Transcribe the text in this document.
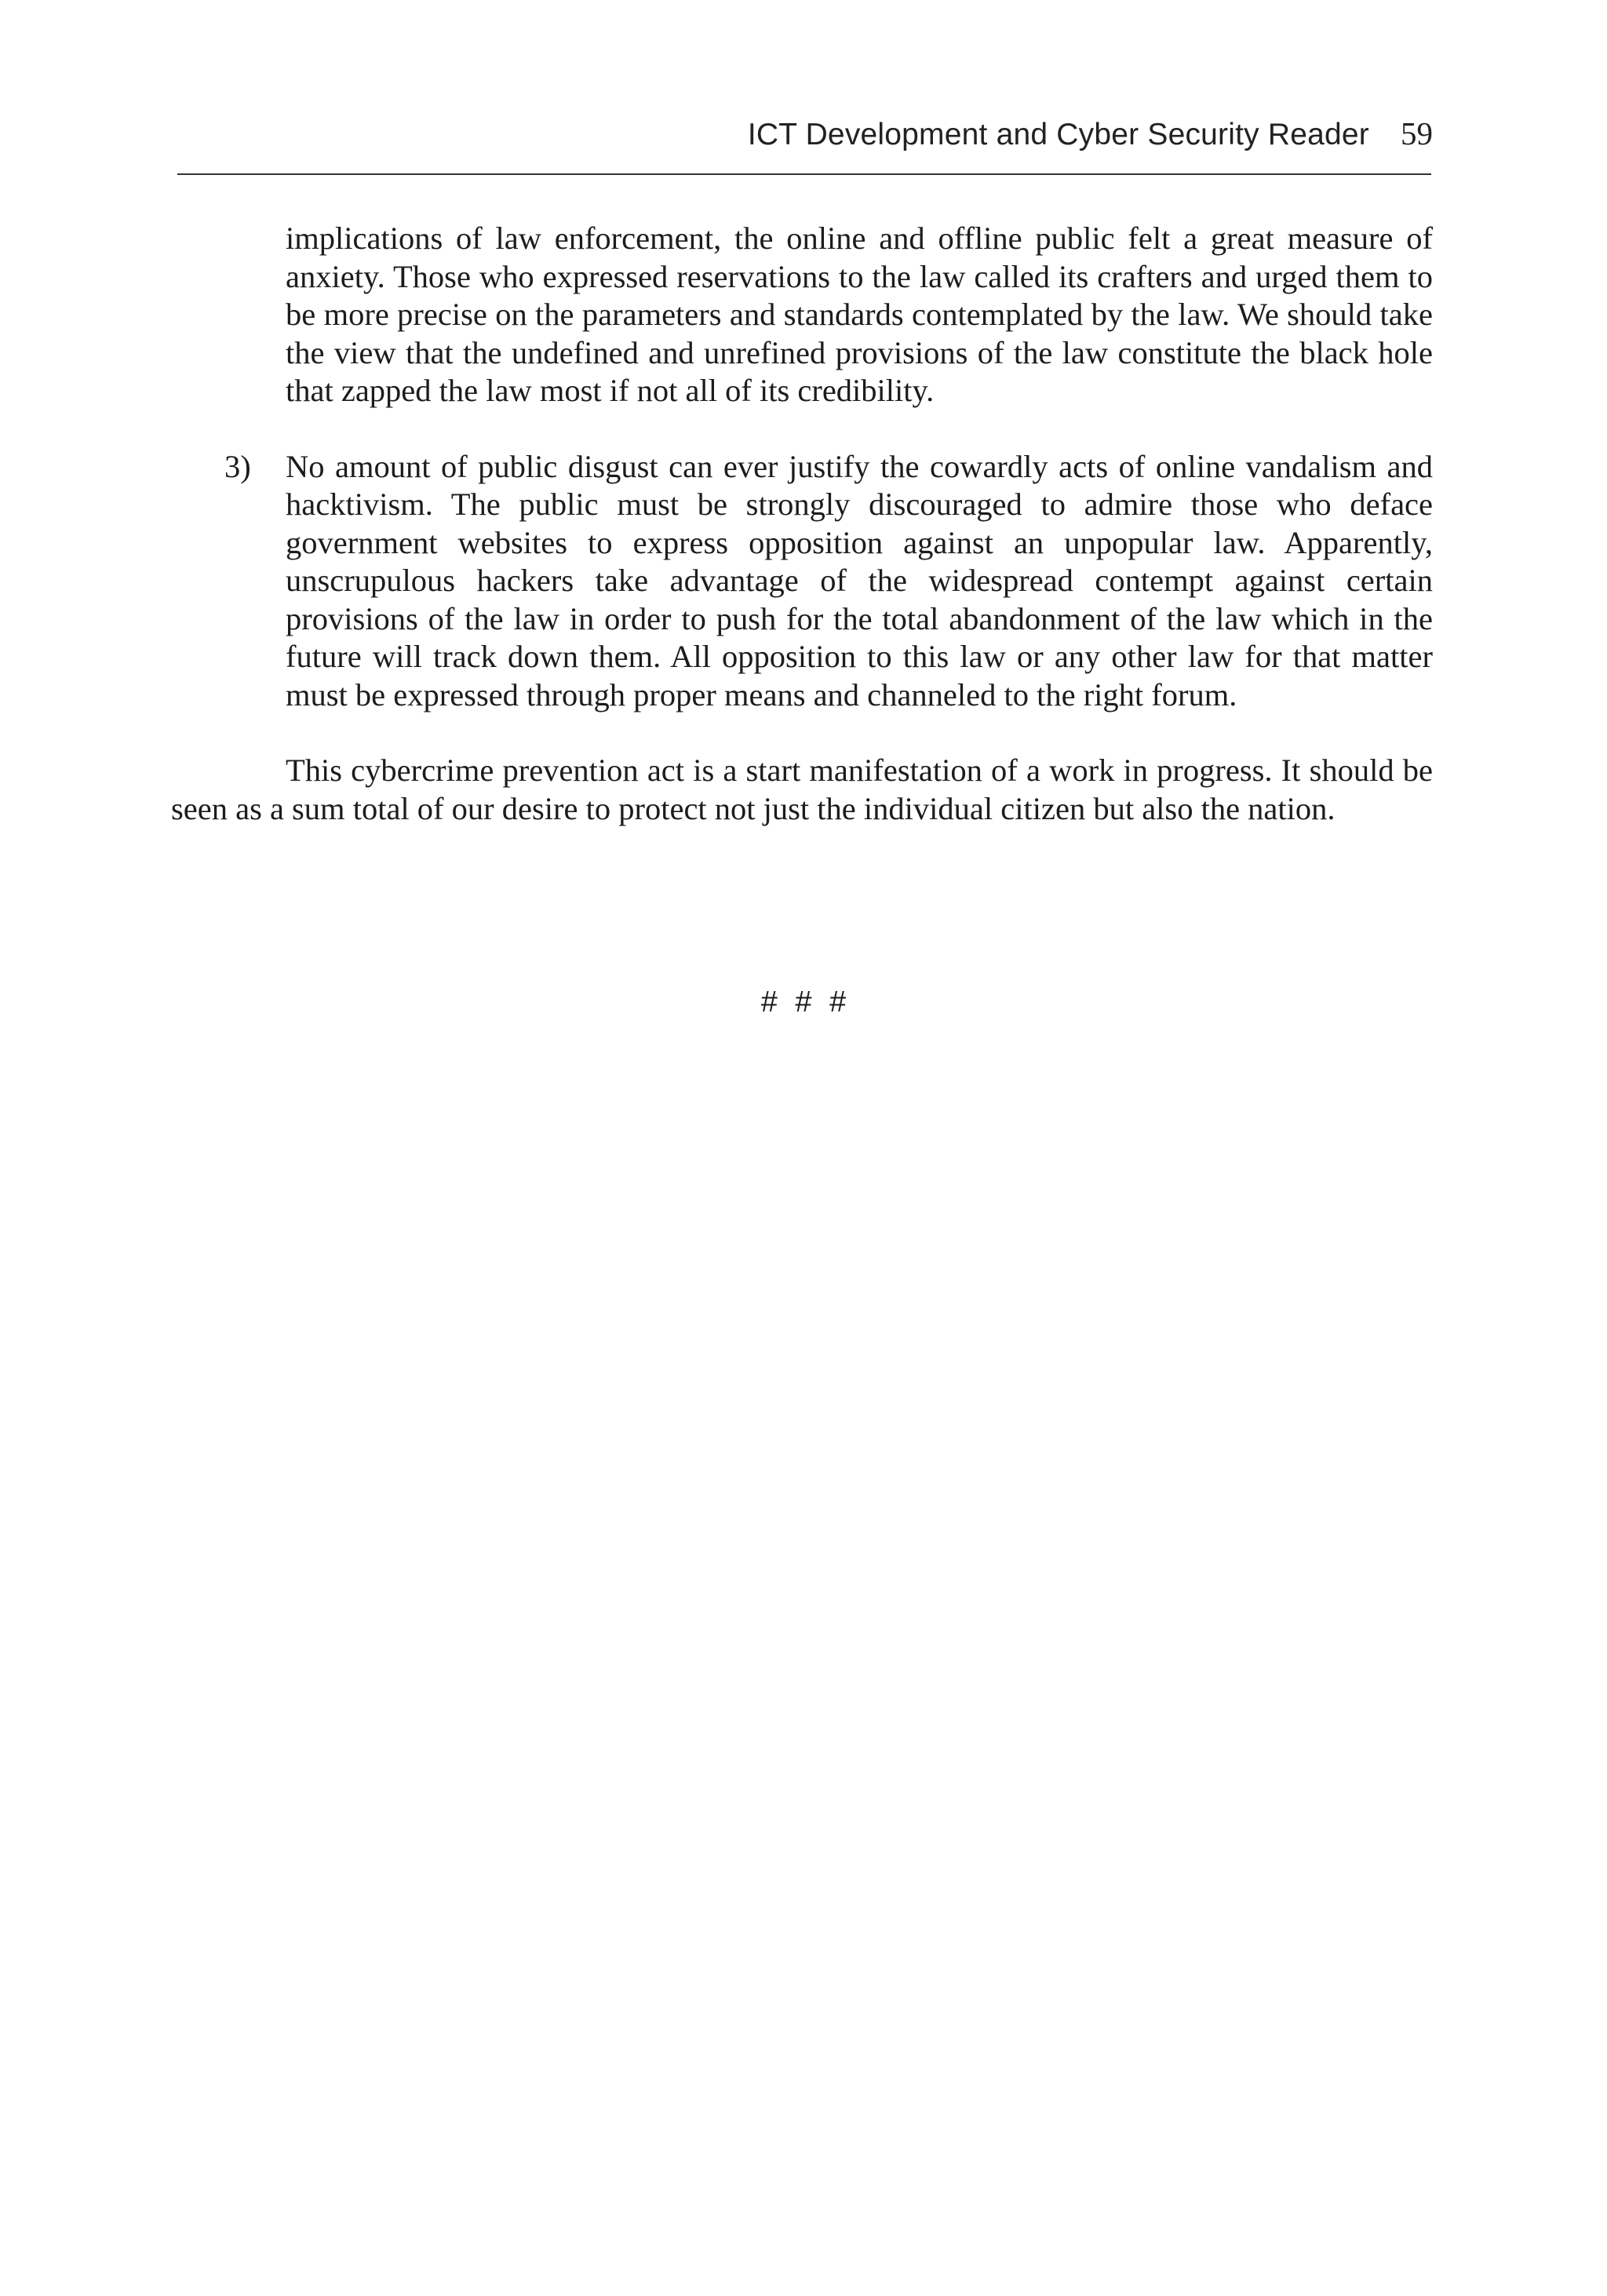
ICT Development and Cyber Security Reader 59

implications of law enforcement, the online and offline public felt a great measure of anxiety. Those who expressed reservations to the law called its crafters and urged them to be more precise on the parameters and standards contemplated by the law. We should take the view that the undefined and unrefined provisions of the law constitute the black hole that zapped the law most if not all of its credibility.

3)	No amount of public disgust can ever justify the cowardly acts of online vandalism and hacktivism. The public must be strongly discouraged to admire those who deface government websites to express opposition against an unpopular law. Apparently, unscrupulous hackers take advantage of the widespread contempt against certain provisions of the law in order to push for the total abandonment of the law which in the future will track down them. All opposition to this law or any other law for that matter must be expressed through proper means and channeled to the right forum.

This cybercrime prevention act is a start manifestation of a work in progress. It should be seen as a sum total of our desire to protect not just the individual citizen but also the nation.

# # #
